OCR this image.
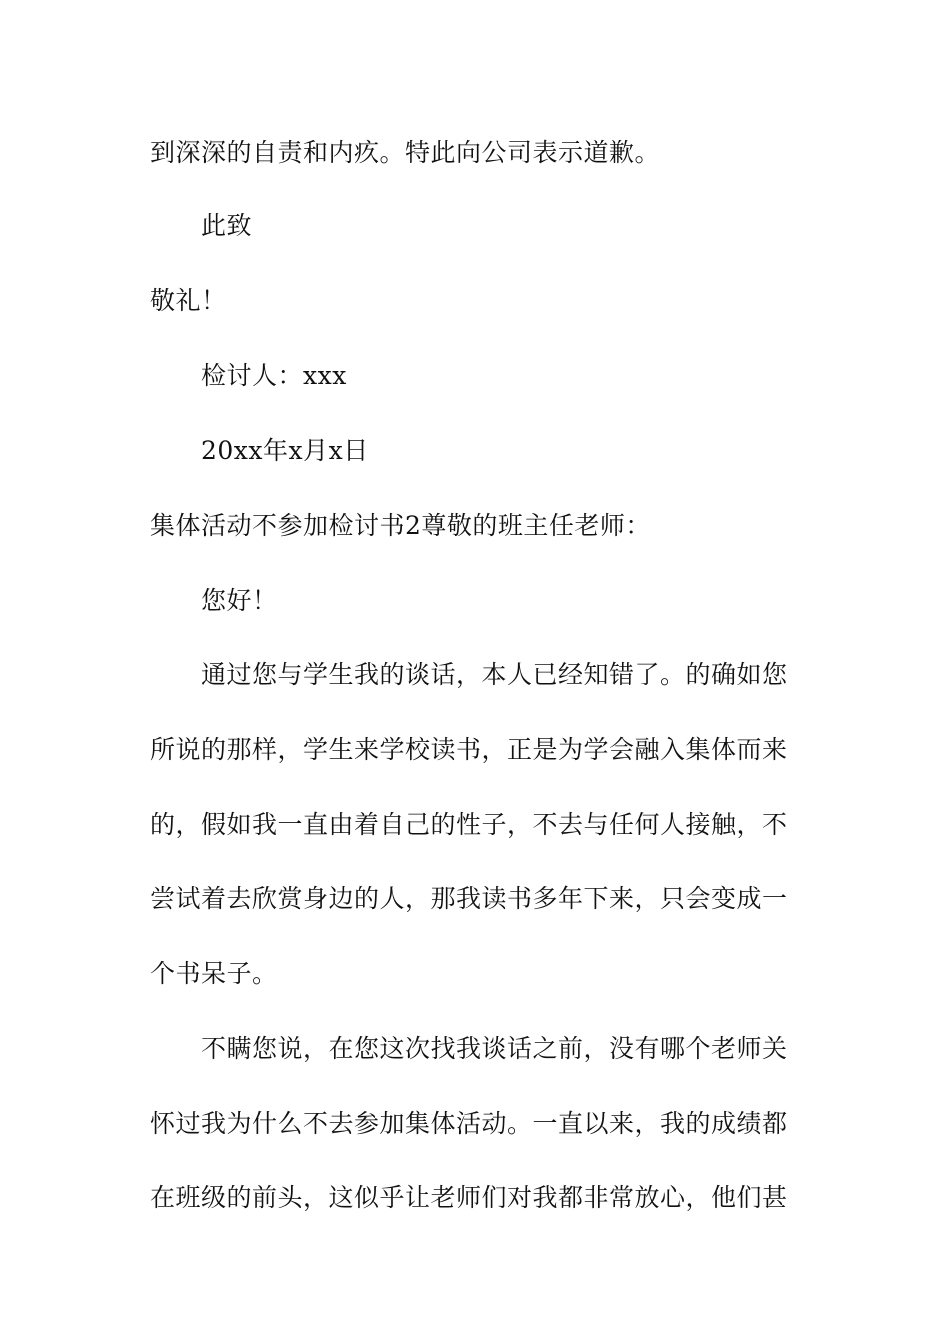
到深深的自责和内疚。特此向公司表示道歉。
此致
敬礼！
检讨人：xxx
20xx年x月x日
集体活动不参加检讨书2尊敬的班主任老师：
您好！
通过您与学生我的谈话，本人已经知错了。的确如您
所说的那样，学生来学校读书，正是为学会融入集体而来
的，假如我一直由着自己的性子，不去与任何人接触，不
尝试着去欣赏身边的人，那我读书多年下来，只会变成一
个书呆子。
不瞒您说，在您这次找我谈话之前，没有哪个老师关
怀过我为什么不去参加集体活动。一直以来，我的成绩都
在班级的前头，这似乎让老师们对我都非常放心，他们甚
